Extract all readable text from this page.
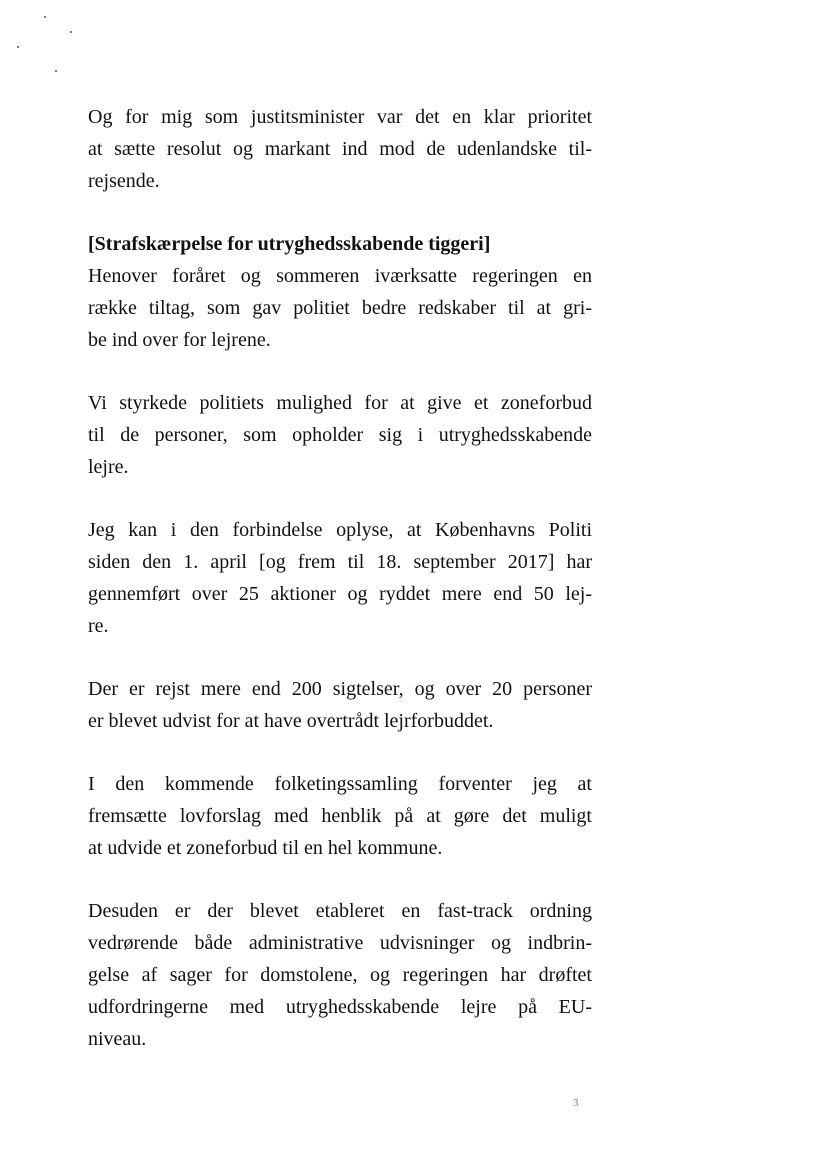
Og for mig som justitsminister var det en klar prioritet
at sætte resolut og markant ind mod de udenlandske til-
rejsende.

[Strafskærpelse for utryghedsskabende tiggeri]
Henover foråret og sommeren iværksatte regeringen en
række tiltag, som gav politiet bedre redskaber til at gri-
be ind over for lejrene.

Vi styrkede politiets mulighed for at give et zoneforbud
til de personer, som opholder sig i utryghedsskabende
lejre.

Jeg kan i den forbindelse oplyse, at Københavns Politi
siden den 1. april [og frem til 18. september 2017] har
gennemført over 25 aktioner og ryddet mere end 50 lej-
re.

Der er rejst mere end 200 sigtelser, og over 20 personer
er blevet udvist for at have overtrådt lejrforbuddet.

I den kommende folketingssamling forventer jeg at
fremsætte lovforslag med henblik på at gøre det muligt
at udvide et zoneforbud til en hel kommune.

Desuden er der blevet etableret en fast-track ordning
vedrørende både administrative udvisninger og indbrin-
gelse af sager for domstolene, og regeringen har drøftet
udfordringerne med utryghedsskabende lejre på EU-
niveau.

3
